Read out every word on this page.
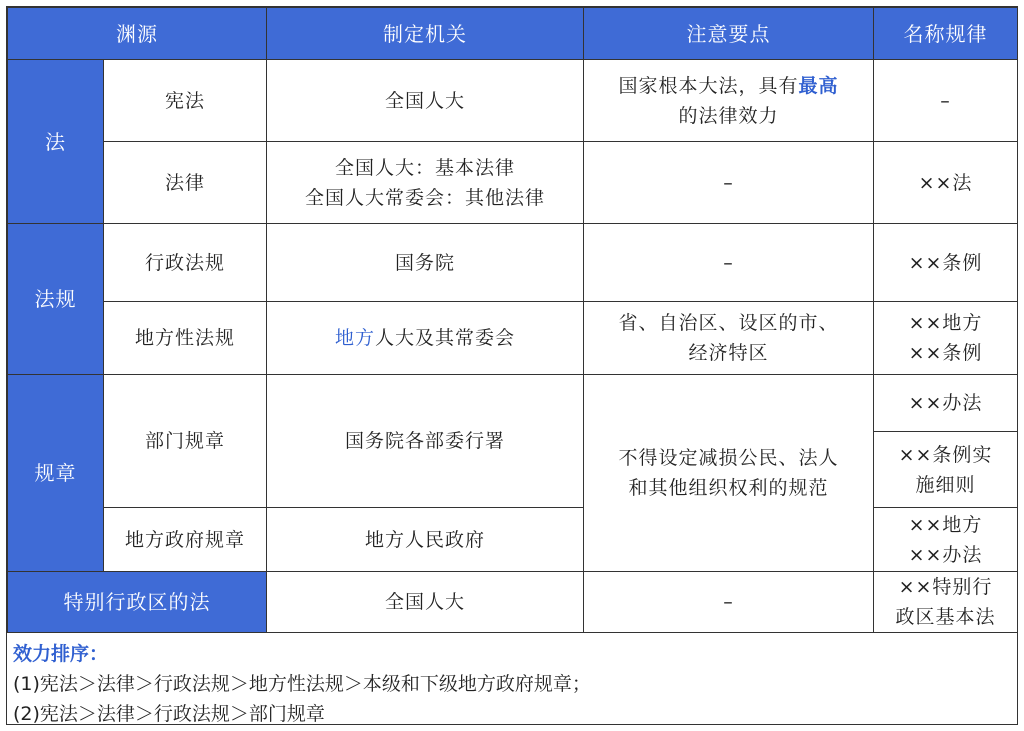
渊源		制定机关	注意要点	名称规律
法	宪法	全国人大	国家根本大法，具有最高
的法律效力	–
	法律	全国人大：基本法律
全国人大常委会：其他法律	–	××法
法规	行政法规	国务院	–	××条例
	地方性法规	地方人大及其常委会	省、自治区、设区的市、
经济特区	××地方
××条例

规章	部门规章	国务院各部委行署	不得设定减损公民、法人
和其他组织权利的规范	××办法

				××条例实
施细则

	地方政府规章	地方人民政府		××地方
××办法

特别行政区的法		全国人大	–	××特别行
政区基本法
效力排序：
(1)宪法＞法律＞行政法规＞地方性法规＞本级和下级地方政府规章；
(2)宪法＞法律＞行政法规＞部门规章
